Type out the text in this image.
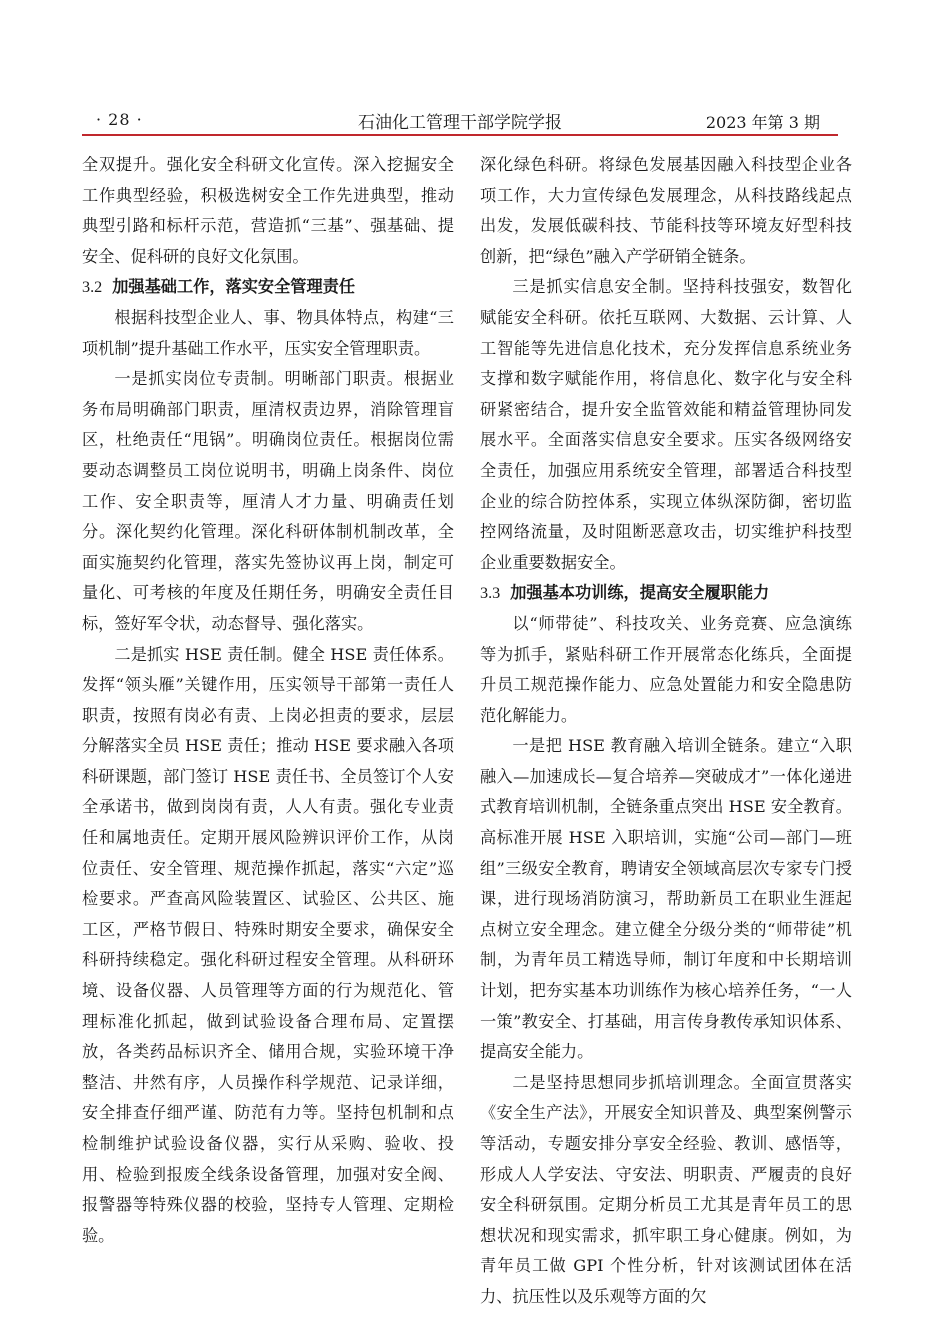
· 28 ·	石油化工管理干部学院学报	2023 年第 3 期

全双提升。强化安全科研文化宣传。深入挖掘安全工作典型经验，积极选树安全工作先进典型，推动典型引路和标杆示范，营造抓“三基”、强基础、提安全、促科研的良好文化氛围。

3.2 加强基础工作，落实安全管理责任

根据科技型企业人、事、物具体特点，构建“三项机制”提升基础工作水平，压实安全管理职责。

一是抓实岗位专责制。明晰部门职责。根据业务布局明确部门职责，厘清权责边界，消除管理盲区，杜绝责任“甩锅”。明确岗位责任。根据岗位需要动态调整员工岗位说明书，明确上岗条件、岗位工作、安全职责等，厘清人才力量、明确责任划分。深化契约化管理。深化科研体制机制改革，全面实施契约化管理，落实先签协议再上岗，制定可量化、可考核的年度及任期任务，明确安全责任目标，签好军令状，动态督导、强化落实。

二是抓实 HSE 责任制。健全 HSE 责任体系。发挥“领头雁”关键作用，压实领导干部第一责任人职责，按照有岗必有责、上岗必担责的要求，层层分解落实全员 HSE 责任；推动 HSE 要求融入各项科研课题，部门签订 HSE 责任书、全员签订个人安全承诺书，做到岗岗有责，人人有责。强化专业责任和属地责任。定期开展风险辨识评价工作，从岗位责任、安全管理、规范操作抓起，落实“六定”巡检要求。严查高风险装置区、试验区、公共区、施工区，严格节假日、特殊时期安全要求，确保安全科研持续稳定。强化科研过程安全管理。从科研环境、设备仪器、人员管理等方面的行为规范化、管理标准化抓起，做到试验设备合理布局、定置摆放，各类药品标识齐全、储用合规，实验环境干净整洁、井然有序，人员操作科学规范、记录详细，安全排查仔细严谨、防范有力等。坚持包机制和点检制维护试验设备仪器，实行从采购、验收、投用、检验到报废全线条设备管理，加强对安全阀、报警器等特殊仪器的校验，坚持专人管理、定期检验。

深化绿色科研。将绿色发展基因融入科技型企业各项工作，大力宣传绿色发展理念，从科技路线起点出发，发展低碳科技、节能科技等环境友好型科技创新，把“绿色”融入产学研销全链条。

三是抓实信息安全制。坚持科技强安，数智化赋能安全科研。依托互联网、大数据、云计算、人工智能等先进信息化技术，充分发挥信息系统业务支撑和数字赋能作用，将信息化、数字化与安全科研紧密结合，提升安全监管效能和精益管理协同发展水平。全面落实信息安全要求。压实各级网络安全责任，加强应用系统安全管理，部署适合科技型企业的综合防控体系，实现立体纵深防御，密切监控网络流量，及时阻断恶意攻击，切实维护科技型企业重要数据安全。

3.3 加强基本功训练，提高安全履职能力

以“师带徒”、科技攻关、业务竞赛、应急演练等为抓手，紧贴科研工作开展常态化练兵，全面提升员工规范操作能力、应急处置能力和安全隐患防范化解能力。

一是把 HSE 教育融入培训全链条。建立“入职融入—加速成长—复合培养—突破成才”一体化递进式教育培训机制，全链条重点突出 HSE 安全教育。高标准开展 HSE 入职培训，实施“公司—部门—班组”三级安全教育，聘请安全领域高层次专家专门授课，进行现场消防演习，帮助新员工在职业生涯起点树立安全理念。建立健全分级分类的“师带徒”机制，为青年员工精选导师，制订年度和中长期培训计划，把夯实基本功训练作为核心培养任务，“一人一策”教安全、打基础，用言传身教传承知识体系、提高安全能力。

二是坚持思想同步抓培训理念。全面宣贯落实《安全生产法》，开展安全知识普及、典型案例警示等活动，专题安排分享安全经验、教训、感悟等，形成人人学安法、守安法、明职责、严履责的良好安全科研氛围。定期分析员工尤其是青年员工的思想状况和现实需求，抓牢职工身心健康。例如，为青年员工做 GPI 个性分析，针对该测试团体在活力、抗压性以及乐观等方面的欠
